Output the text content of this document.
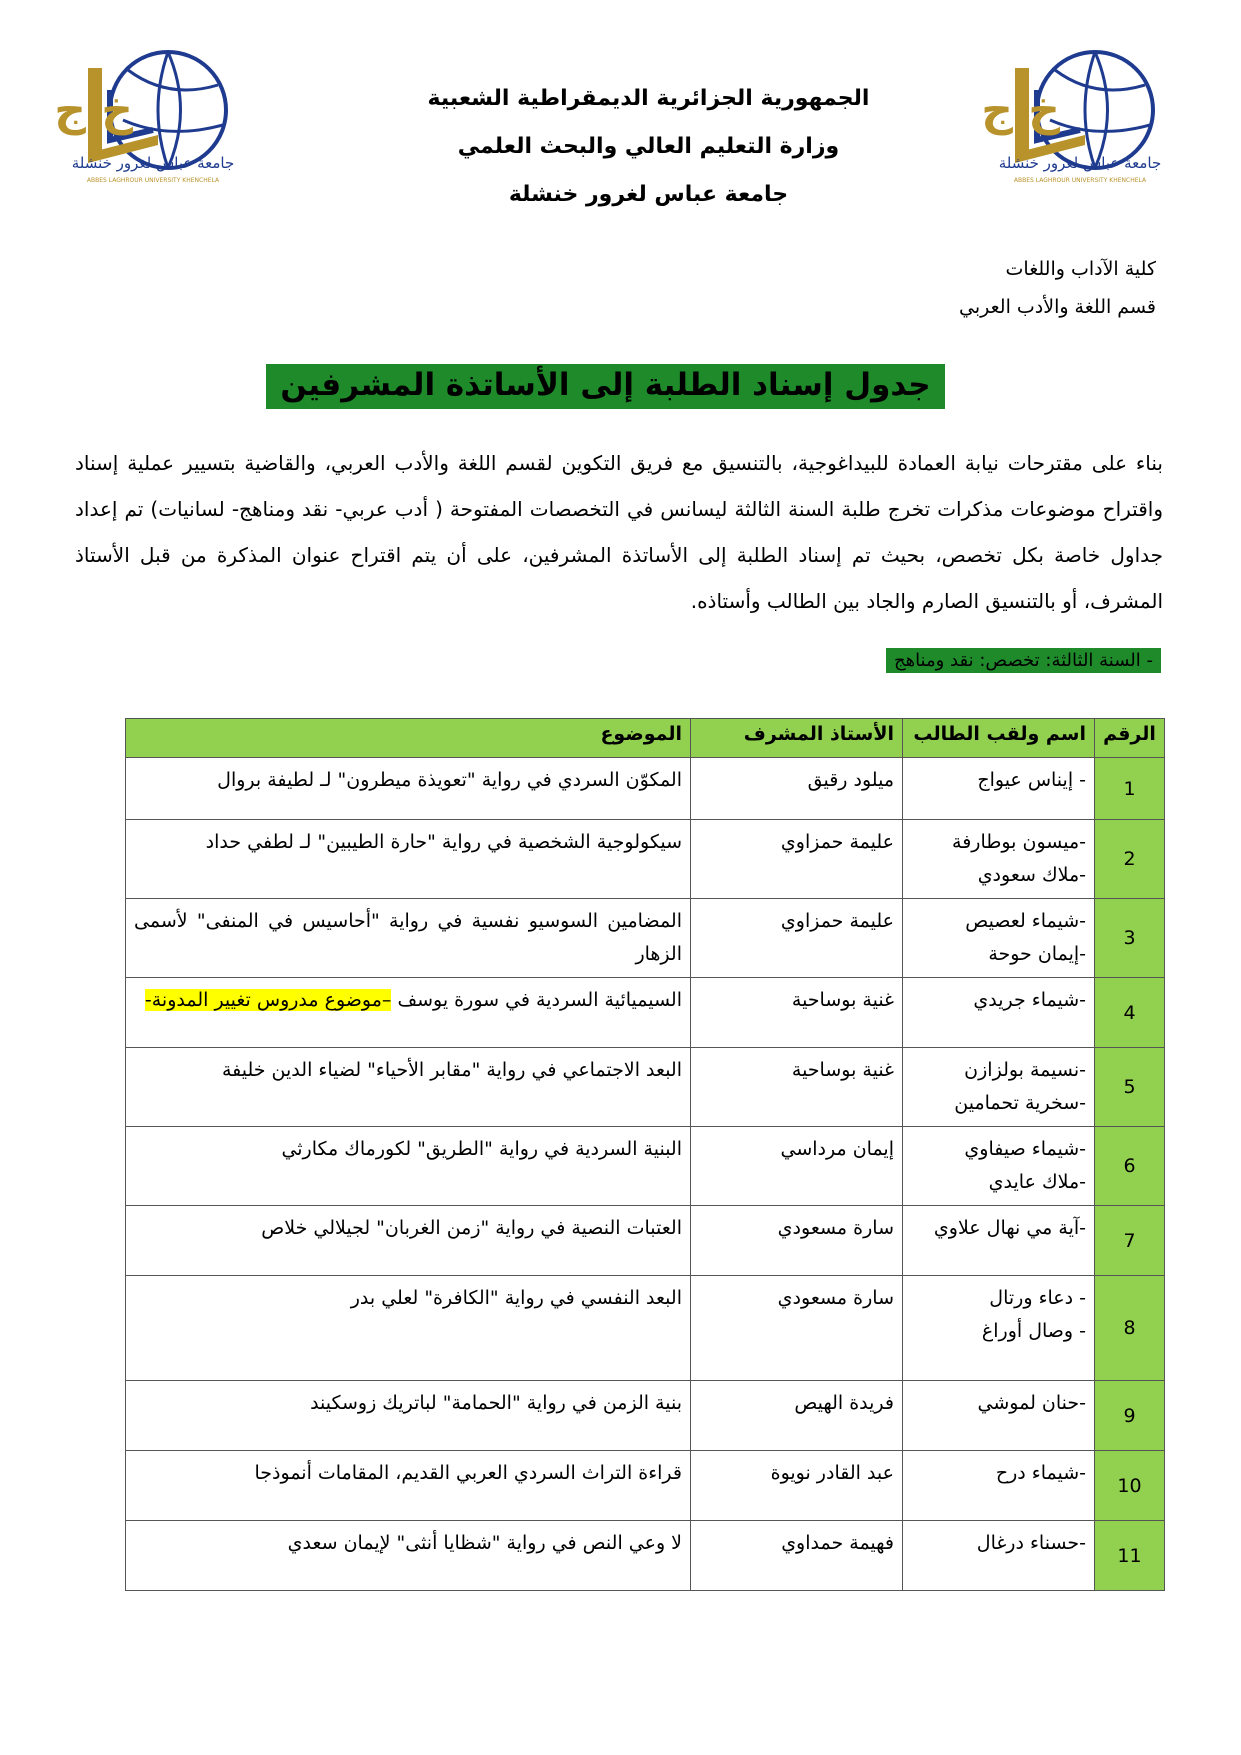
خ ج
جامعة عباس لغرور خنشلة
ABBES LAGHROUR UNIVERSITY KHENCHELA
خ ج
جامعة عباس لغرور خنشلة
ABBES LAGHROUR UNIVERSITY KHENCHELA
الجمهورية الجزائرية الديمقراطية الشعبية
وزارة التعليم العالي والبحث العلمي
جامعة عباس لغرور خنشلة
كلية الآداب واللغات
قسم اللغة والأدب العربي
جدول إسناد الطلبة إلى الأساتذة المشرفين
بناء على مقترحات نيابة العمادة للبيداغوجية، بالتنسيق مع فريق التكوين لقسم اللغة والأدب العربي، والقاضية بتسيير عملية إسناد واقتراح موضوعات مذكرات تخرج طلبة السنة الثالثة ليسانس في التخصصات المفتوحة ( أدب عربي- نقد ومناهج- لسانيات) تم إعداد جداول خاصة بكل تخصص، بحيث تم إسناد الطلبة إلى الأساتذة المشرفين، على أن يتم اقتراح عنوان المذكرة من قبل الأستاذ المشرف، أو بالتنسيق الصارم والجاد بين الطالب وأستاذه.
- السنة الثالثة: تخصص: نقد ومناهج
الرقم	اسم ولقب الطالب	الأستاذ المشرف	الموضوع
1	- إيناس عيواج	ميلود رقيق	المكوّن السردي في رواية "تعويذة ميطرون" لـ لطيفة بروال
2	-ميسون بوطارفة
-ملاك سعودي	عليمة حمزاوي	سيكولوجية الشخصية في رواية "حارة الطيبين" لـ لطفي حداد
3	-شيماء لعصيص
-إيمان حوحة	عليمة حمزاوي	المضامين السوسيو نفسية في رواية "أحاسيس في المنفى" لأسمى الزهار
4	-شيماء جريدي	غنية بوساحية	السيميائية السردية في سورة يوسف –موضوع مدروس تغيير المدونة-
5	-نسيمة بولزازن
-سخرية تحمامين	غنية بوساحية	البعد الاجتماعي في رواية "مقابر الأحياء" لضياء الدين خليفة
6	-شيماء صيفاوي
-ملاك عايدي	إيمان مرداسي	البنية السردية في رواية "الطريق" لكورماك مكارثي
7	-آية مي نهال علاوي	سارة مسعودي	العتبات النصية في رواية "زمن الغربان" لجيلالي خلاص
8	- دعاء ورتال
- وصال أوراغ	سارة مسعودي	البعد النفسي في رواية "الكافرة" لعلي بدر
9	-حنان لموشي	فريدة الهيص	بنية الزمن في رواية "الحمامة" لباتريك زوسكيند
10	-شيماء درح	عبد القادر نويوة	قراءة التراث السردي العربي القديم، المقامات أنموذجا
11	-حسناء درغال	فهيمة حمداوي	لا وعي النص في رواية "شظايا أنثى" لإيمان سعدي
